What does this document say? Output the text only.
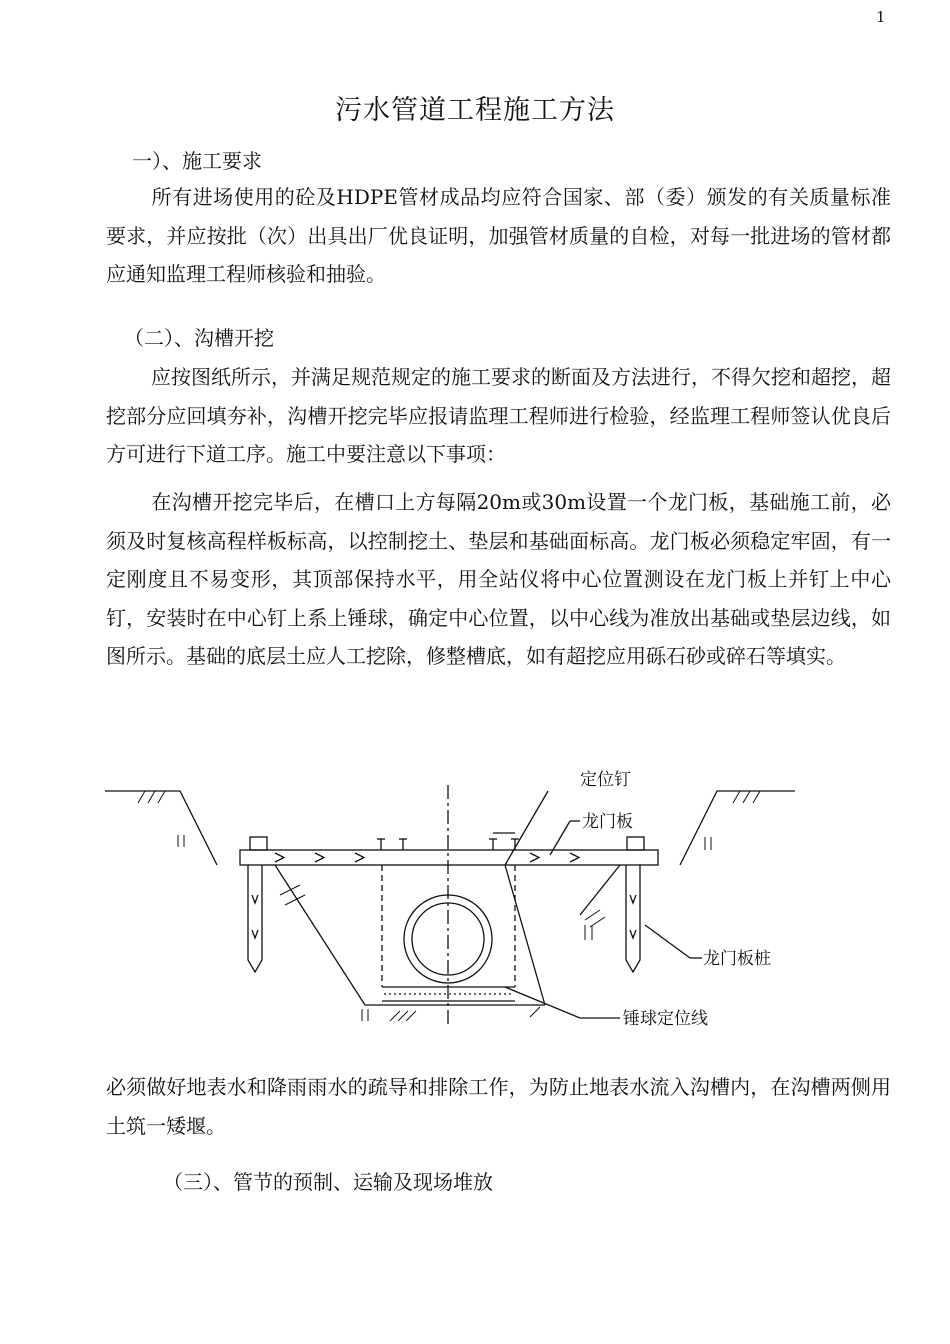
1
污水管道工程施工方法
一）、施工要求
所有进场使用的砼及HDPE管材成品均应符合国家、部（委）颁发的有关质量标准要求，并应按批（次）出具出厂优良证明，加强管材质量的自检，对每一批进场的管材都应通知监理工程师核验和抽验。
（二）、沟槽开挖
应按图纸所示，并满足规范规定的施工要求的断面及方法进行，不得欠挖和超挖，超挖部分应回填夯补，沟槽开挖完毕应报请监理工程师进行检验，经监理工程师签认优良后方可进行下道工序。施工中要注意以下事项：
在沟槽开挖完毕后，在槽口上方每隔20m或30m设置一个龙门板，基础施工前，必须及时复核高程样板标高，以控制挖土、垫层和基础面标高。龙门板必须稳定牢固，有一定刚度且不易变形，其顶部保持水平，用全站仪将中心位置测设在龙门板上并钉上中心钉，安装时在中心钉上系上锤球，确定中心位置，以中心线为准放出基础或垫层边线，如图所示。基础的底层土应人工挖除，修整槽底，如有超挖应用砾石砂或碎石等填实。
定位钉
龙门板
龙门板桩
锤球定位线
必须做好地表水和降雨雨水的疏导和排除工作，为防止地表水流入沟槽内，在沟槽两侧用土筑一矮堰。
（三）、管节的预制、运输及现场堆放
